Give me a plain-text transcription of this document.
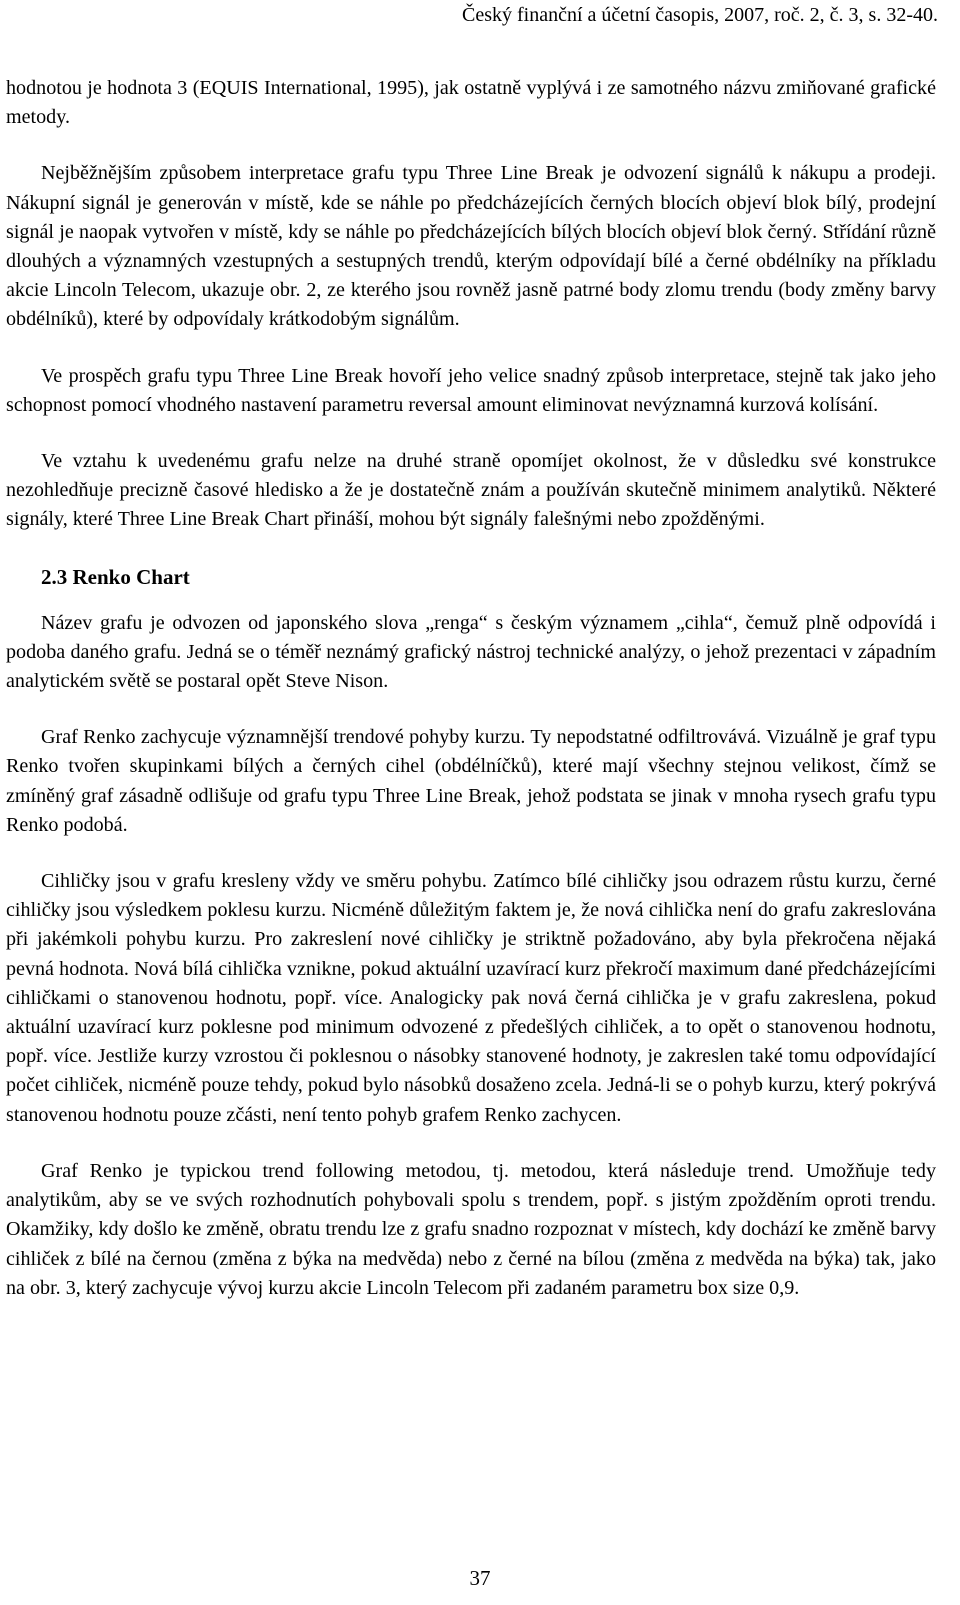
Český finanční a účetní časopis, 2007, roč. 2, č. 3, s. 32-40.

hodnotou je hodnota 3 (EQUIS International, 1995), jak ostatně vyplývá i ze samotného názvu zmiňované grafické metody.

Nejběžnějším způsobem interpretace grafu typu Three Line Break je odvození signálů k nákupu a prodeji. Nákupní signál je generován v místě, kde se náhle po předcházejících černých blocích objeví blok bílý, prodejní signál je naopak vytvořen v místě, kdy se náhle po předcházejících bílých blocích objeví blok černý. Střídání různě dlouhých a významných vzestupných a sestupných trendů, kterým odpovídají bílé a černé obdélníky na příkladu akcie Lincoln Telecom, ukazuje obr. 2, ze kterého jsou rovněž jasně patrné body zlomu trendu (body změny barvy obdélníků), které by odpovídaly krátkodobým signálům.

Ve prospěch grafu typu Three Line Break hovoří jeho velice snadný způsob interpretace, stejně tak jako jeho schopnost pomocí vhodného nastavení parametru reversal amount eliminovat nevýznamná kurzová kolísání.

Ve vztahu k uvedenému grafu nelze na druhé straně opomíjet okolnost, že v důsledku své konstrukce nezohledňuje precizně časové hledisko a že je dostatečně znám a používán skutečně minimem analytiků. Některé signály, které Three Line Break Chart přináší, mohou být signály falešnými nebo zpožděnými.

2.3 Renko Chart

Název grafu je odvozen od japonského slova „renga“ s českým významem „cihla“, čemuž plně odpovídá i podoba daného grafu. Jedná se o téměř neznámý grafický nástroj technické analýzy, o jehož prezentaci v západním analytickém světě se postaral opět Steve Nison.

Graf Renko zachycuje významnější trendové pohyby kurzu. Ty nepodstatné odfiltrovává. Vizuálně je graf typu Renko tvořen skupinkami bílých a černých cihel (obdélníčků), které mají všechny stejnou velikost, čímž se zmíněný graf zásadně odlišuje od grafu typu Three Line Break, jehož podstata se jinak v mnoha rysech grafu typu Renko podobá.

Cihličky jsou v grafu kresleny vždy ve směru pohybu. Zatímco bílé cihličky jsou odrazem růstu kurzu, černé cihličky jsou výsledkem poklesu kurzu. Nicméně důležitým faktem je, že nová cihlička není do grafu zakreslována při jakémkoli pohybu kurzu. Pro zakreslení nové cihličky je striktně požadováno, aby byla překročena nějaká pevná hodnota. Nová bílá cihlička vznikne, pokud aktuální uzavírací kurz překročí maximum dané předcházejícími cihličkami o stanovenou hodnotu, popř. více. Analogicky pak nová černá cihlička je v grafu zakreslena, pokud aktuální uzavírací kurz poklesne pod minimum odvozené z předešlých cihliček, a to opět o stanovenou hodnotu, popř. více. Jestliže kurzy vzrostou či poklesnou o násobky stanovené hodnoty, je zakreslen také tomu odpovídající počet cihliček, nicméně pouze tehdy, pokud bylo násobků dosaženo zcela. Jedná-li se o pohyb kurzu, který pokrývá stanovenou hodnotu pouze zčásti, není tento pohyb grafem Renko zachycen.

Graf Renko je typickou trend following metodou, tj. metodou, která následuje trend. Umožňuje tedy analytikům, aby se ve svých rozhodnutích pohybovali spolu s trendem, popř. s jistým zpožděním oproti trendu. Okamžiky, kdy došlo ke změně, obratu trendu lze z grafu snadno rozpoznat v místech, kdy dochází ke změně barvy cihliček z bílé na černou (změna z býka na medvěda) nebo z černé na bílou (změna z medvěda na býka) tak, jako na obr. 3, který zachycuje vývoj kurzu akcie Lincoln Telecom při zadaném parametru box size 0,9.

37
